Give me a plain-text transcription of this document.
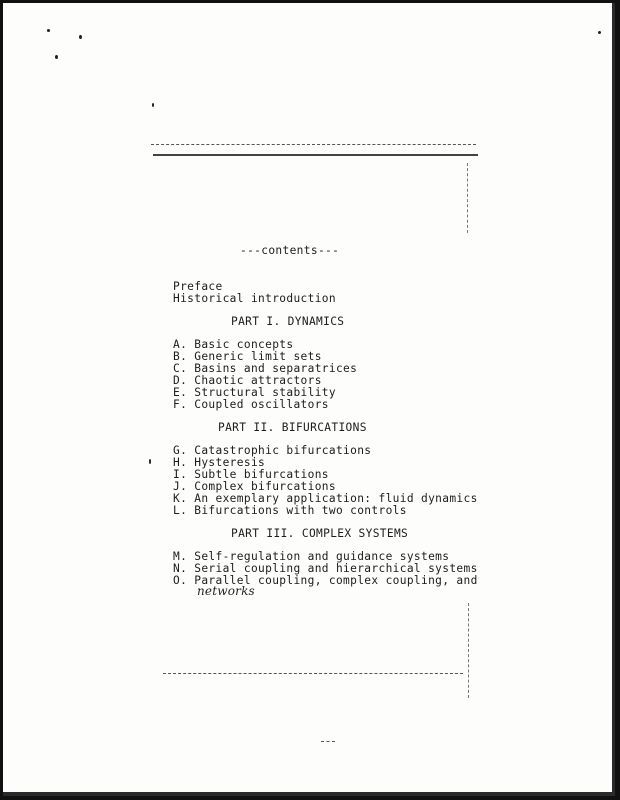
---contents---
Preface
Historical introduction
PART I. DYNAMICS
A. Basic concepts
B. Generic limit sets
C. Basins and separatrices
D. Chaotic attractors
E. Structural stability
F. Coupled oscillators
PART II. BIFURCATIONS
G. Catastrophic bifurcations
H. Hysteresis
I. Subtle bifurcations
J. Complex bifurcations
K. An exemplary application: fluid dynamics
L. Bifurcations with two controls
PART III. COMPLEX SYSTEMS
M. Self-regulation and guidance systems
N. Serial coupling and hierarchical systems
O. Parallel coupling, complex coupling, and
networks
